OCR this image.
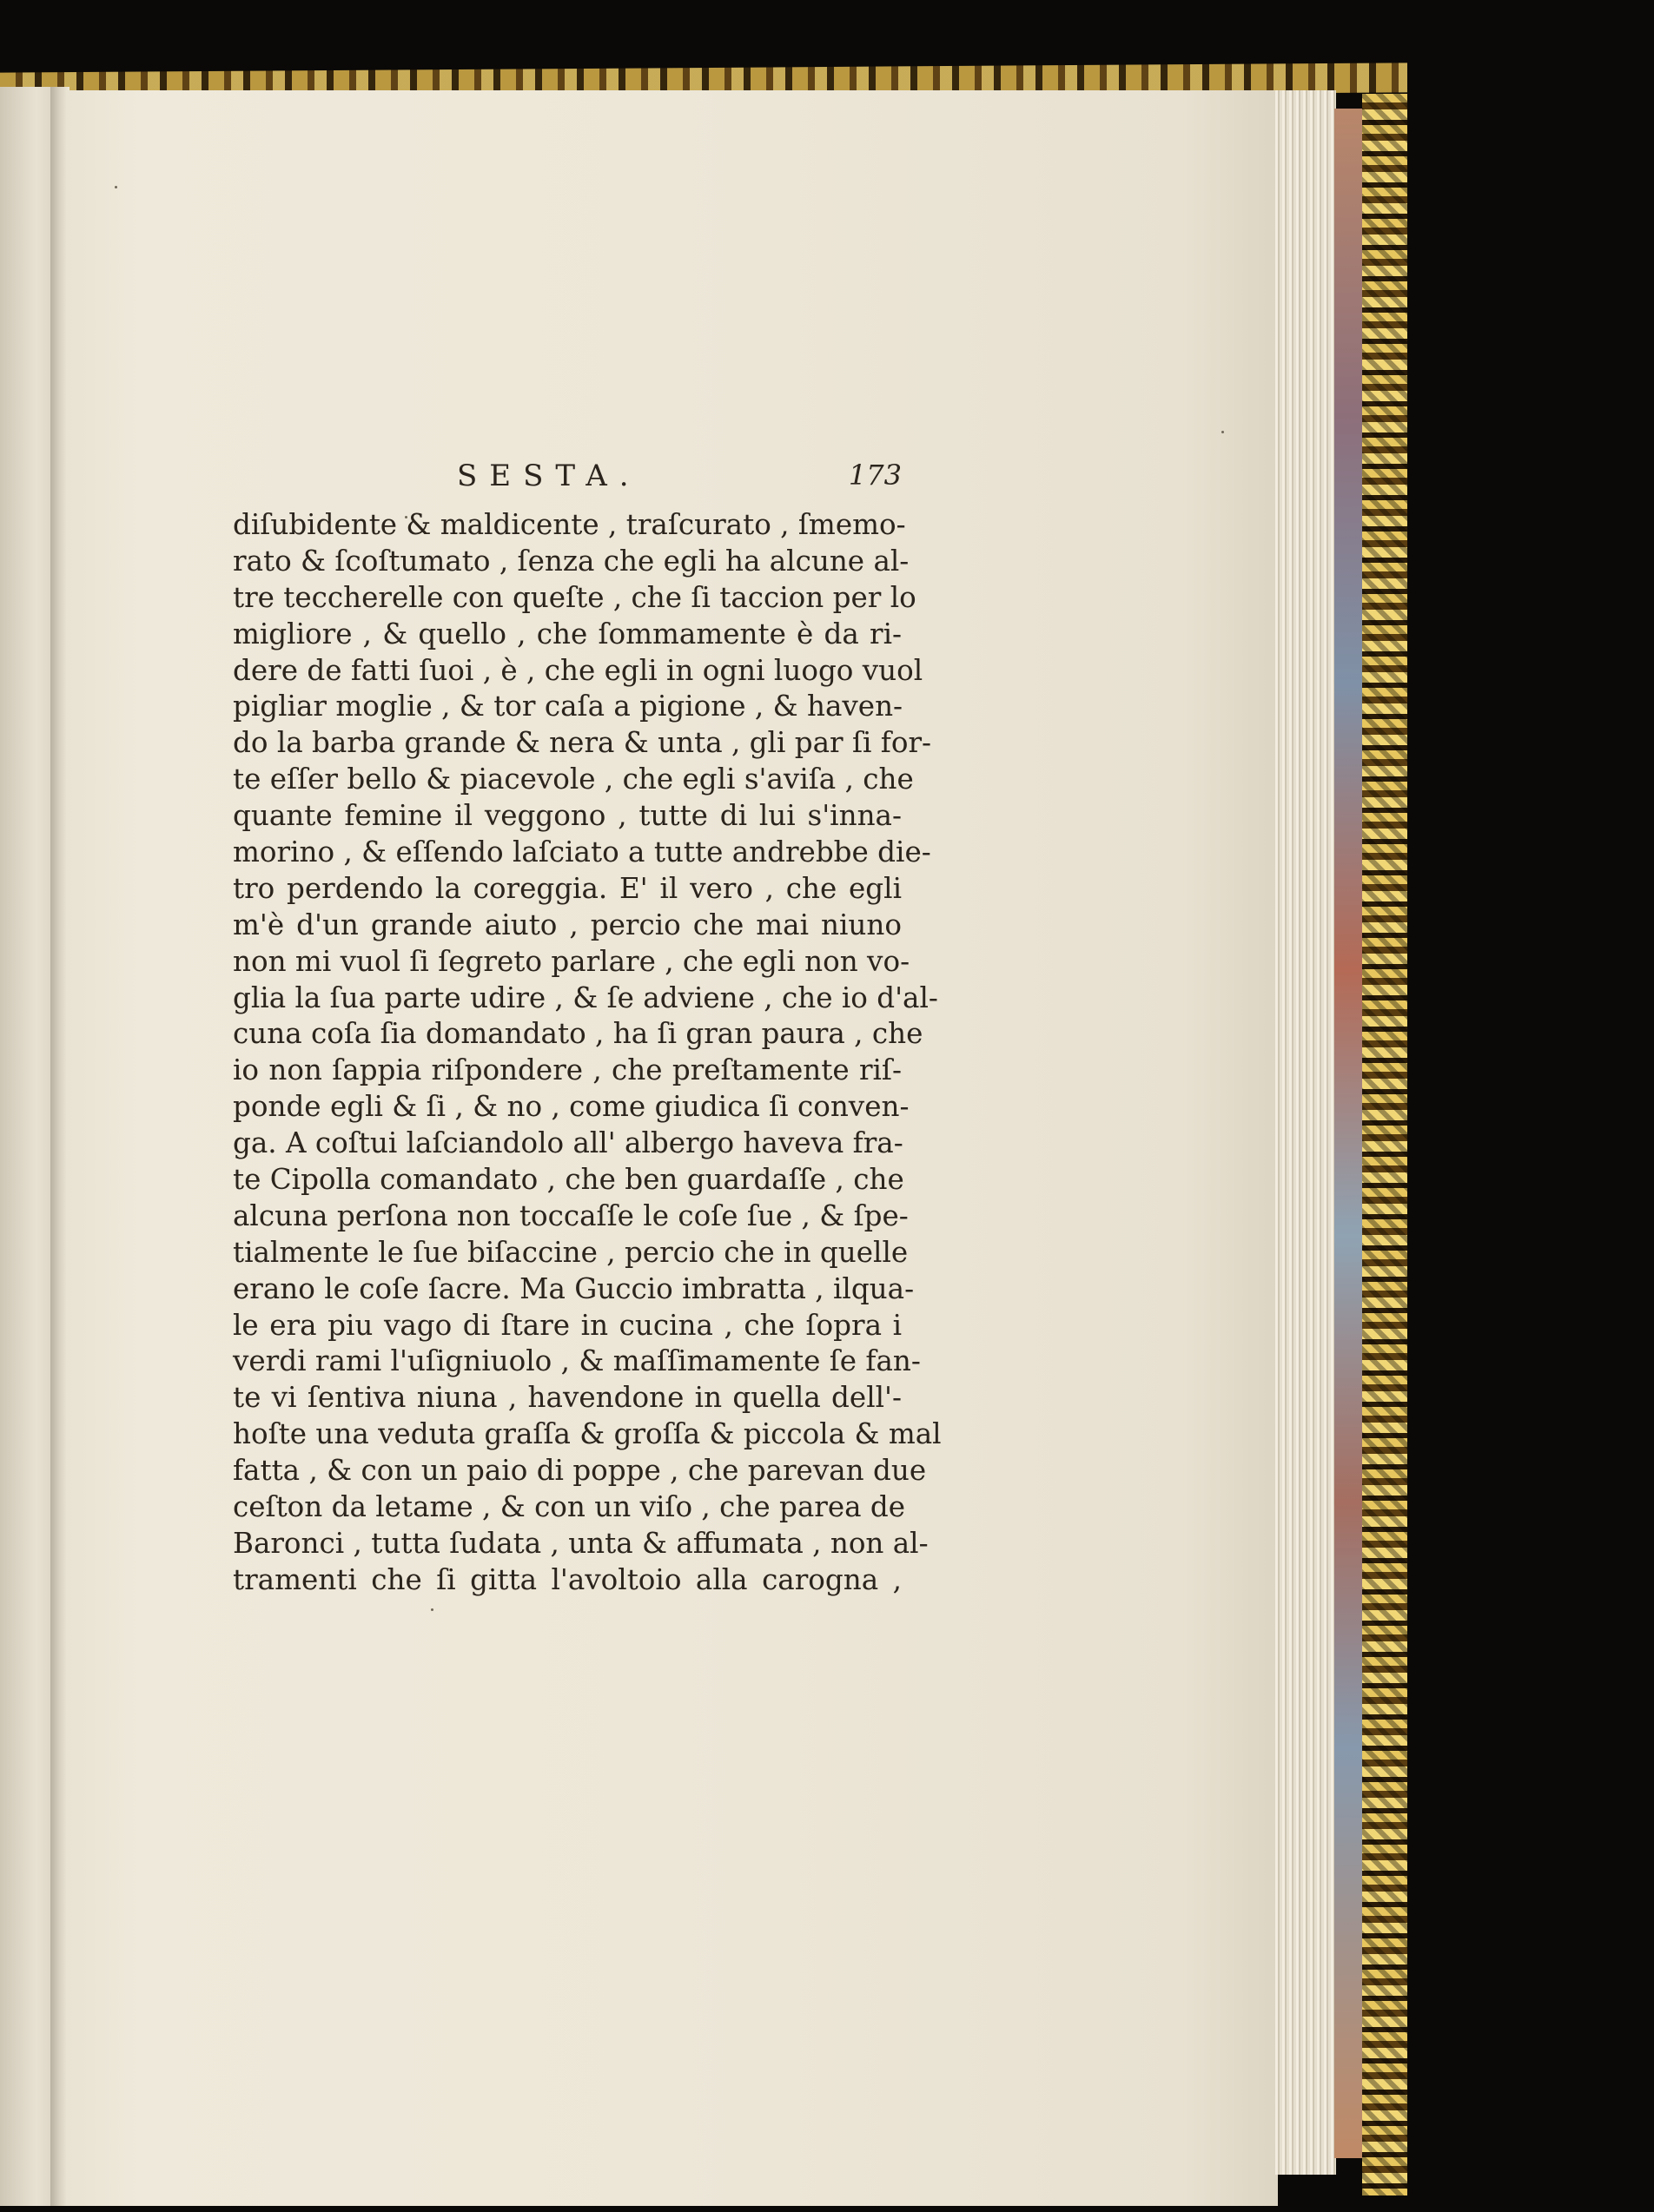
SESTA.	173
diſubidente & maldicente , traſcurato , ſmemo-
rato & ſcoſtumato , ſenza che egli ha alcune al-
tre teccherelle con queſte , che ſi taccion per lo
migliore , & quello , che ſommamente è da ri-
dere de fatti ſuoi , è , che egli in ogni luogo vuol
pigliar moglie , & tor caſa a pigione , & haven-
do la barba grande & nera & unta , gli par ſi for-
te eſſer bello & piacevole , che egli s'aviſa , che
quante femine il veggono , tutte di lui s'inna-
morino , & eſſendo laſciato a tutte andrebbe die-
tro perdendo la coreggia. E' il vero , che egli
m'è d'un grande aiuto , percio che mai niuno
non mi vuol ſi ſegreto parlare , che egli non vo-
glia la ſua parte udire , & ſe adviene , che io d'al-
cuna coſa ſia domandato , ha ſi gran paura , che
io non ſappia riſpondere , che preſtamente riſ-
ponde egli & ſi , & no , come giudica ſi conven-
ga. A coſtui laſciandolo all' albergo haveva fra-
te Cipolla comandato , che ben guardaſſe , che
alcuna perſona non toccaſſe le coſe ſue , & ſpe-
tialmente le ſue biſaccine , percio che in quelle
erano le coſe ſacre. Ma Guccio imbratta , ilqua-
le era piu vago di ſtare in cucina , che ſopra i
verdi rami l'uſigniuolo , & maſſimamente ſe fan-
te vi ſentiva niuna , havendone in quella dell'-
hoſte una veduta graſſa & groſſa & piccola & mal
fatta , & con un paio di poppe , che parevan due
ceſton da letame , & con un viſo , che parea de
Baronci , tutta ſudata , unta & affumata , non al-
tramenti che ſi gitta l'avoltoio alla carogna ,
